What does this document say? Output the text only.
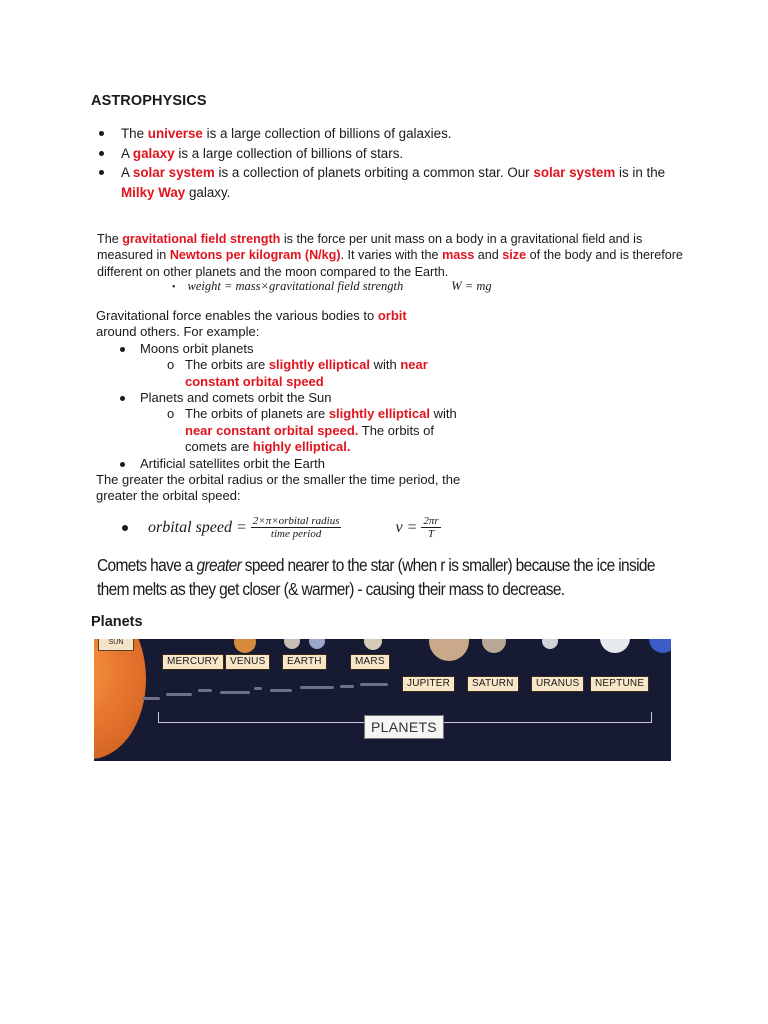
ASTROPHYSICS
The universe is a large collection of billions of galaxies.
A galaxy is a large collection of billions of stars.
A solar system is a collection of planets orbiting a common star. Our solar system is in the Milky Way galaxy.
The gravitational field strength is the force per unit mass on a body in a gravitational field and is measured in Newtons per kilogram (N/kg). It varies with the mass and size of the body and is therefore different on other planets and the moon compared to the Earth.
• weight = mass×gravitational field strength	W = mg
Gravitational force enables the various bodies to orbit
around others. For example:
Moons orbit planets
o The orbits are slightly elliptical with near constant orbital speed
Planets and comets orbit the Sun
o The orbits of planets are slightly elliptical with near constant orbital speed. The orbits of comets are highly elliptical.
Artificial satellites orbit the Earth
The greater the orbital radius or the smaller the time period, the greater the orbital speed:
orbital speed = $\frac{\text{2×π×orbital radius}}{\text{time period}}$	$v = \frac{2\pi r}{T}$
Comets have a greater speed nearer to the star (when r is smaller) because the ice inside them melts as they get closer (& warmer) - causing their mass to decrease.
Planets
SUN
MERCURY	VENUS	EARTH	MARS
JUPITER	SATURN	URANUS	NEPTUNE
PLANETS
